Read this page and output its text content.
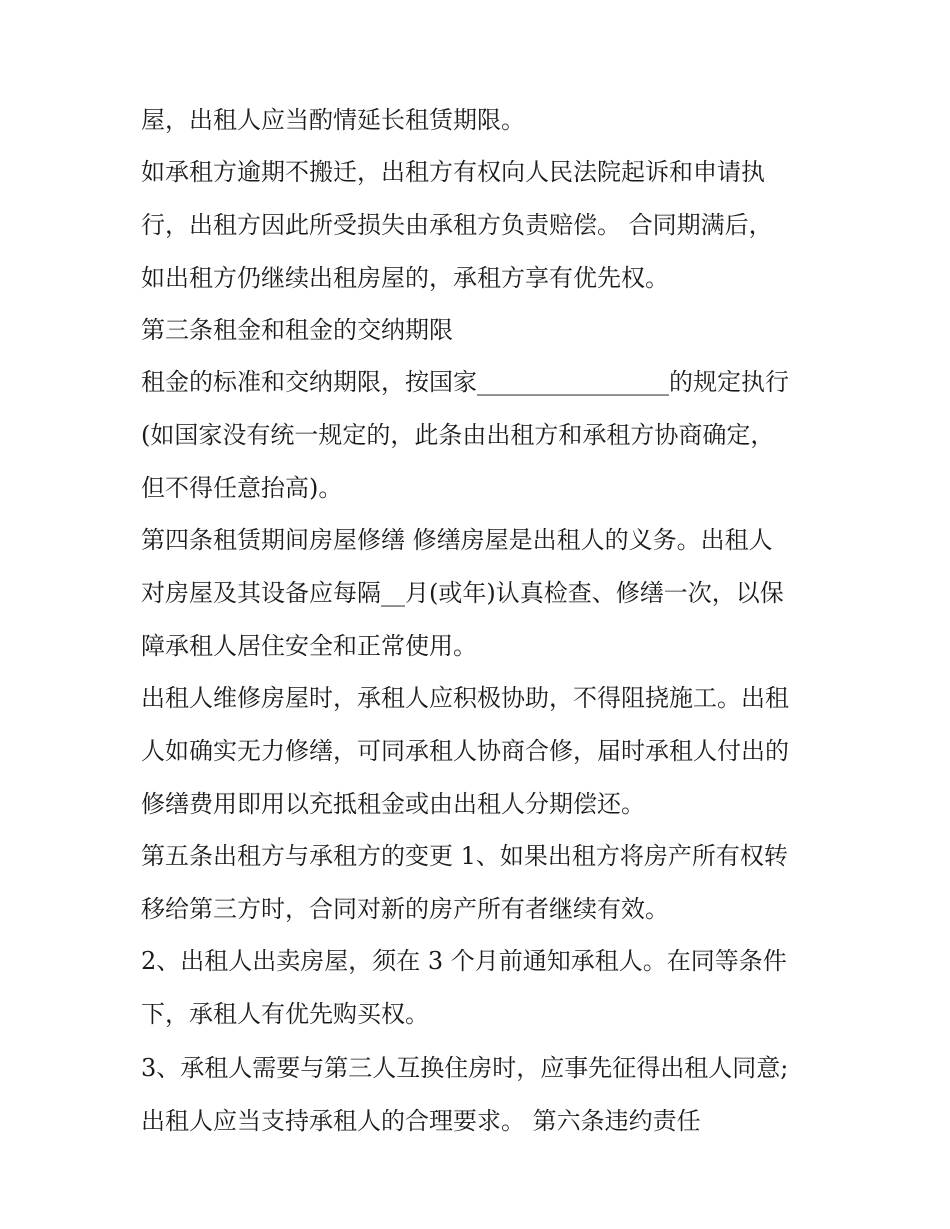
屋，出租人应当酌情延长租赁期限。
如承租方逾期不搬迁，出租方有权向人民法院起诉和申请执
行，出租方因此所受损失由承租方负责赔偿。 合同期满后，
如出租方仍继续出租房屋的，承租方享有优先权。
第三条租金和租金的交纳期限
租金的标准和交纳期限，按国家________________的规定执行
(如国家没有统一规定的，此条由出租方和承租方协商确定，
但不得任意抬高)。
第四条租赁期间房屋修缮 修缮房屋是出租人的义务。出租人
对房屋及其设备应每隔__月(或年)认真检查、修缮一次，以保
障承租人居住安全和正常使用。
出租人维修房屋时，承租人应积极协助，不得阻挠施工。出租
人如确实无力修缮，可同承租人协商合修，届时承租人付出的
修缮费用即用以充抵租金或由出租人分期偿还。
第五条出租方与承租方的变更 1、如果出租方将房产所有权转
移给第三方时，合同对新的房产所有者继续有效。
2、出租人出卖房屋，须在 3 个月前通知承租人。在同等条件
下，承租人有优先购买权。
3、承租人需要与第三人互换住房时，应事先征得出租人同意;
出租人应当支持承租人的合理要求。 第六条违约责任
